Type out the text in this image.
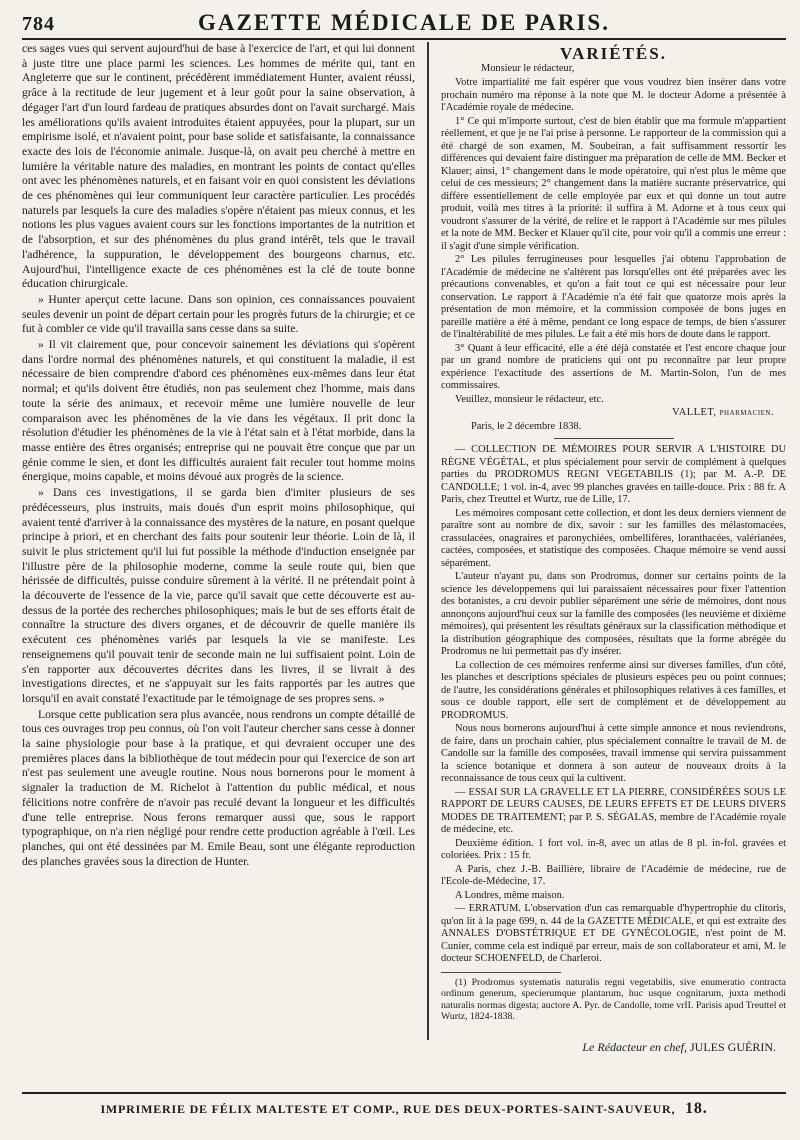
784	GAZETTE MÉDICALE DE PARIS.

ces sages vues qui servent aujourd'hui de base à l'exercice de l'art, et qui lui donnent à juste titre une place parmi les sciences. Les hommes de mérite qui, tant en Angleterre que sur le continent, précédèrent immédiatement Hunter, avaient réussi, grâce à la rectitude de leur jugement et à leur goût pour la saine observation, à dégager l'art d'un lourd fardeau de pratiques absurdes dont on l'avait surchargé. Mais les améliorations qu'ils avaient introduites étaient appuyées, pour la plupart, sur un empirisme isolé, et n'avaient point, pour base solide et satisfaisante, la connaissance exacte des lois de l'économie animale. Jusque-là, on avait peu cherché à mettre en lumière la véritable nature des maladies, en montrant les points de contact qu'elles ont avec les phénomènes naturels, et en faisant voir en quoi consistent les déviations de ces phénomènes qui leur communiquent leur caractère particulier. Les procédés naturels par lesquels la cure des maladies s'opère n'étaient pas mieux connus, et les notions les plus vagues avaient cours sur les fonctions importantes de la nutrition et de l'absorption, et sur des phénomènes du plus grand intérêt, tels que le travail l'adhérence, la suppuration, le développement des bourgeons charnus, etc. Aujourd'hui, l'intelligence exacte de ces phénomènes est la clé de toute bonne éducation chirurgicale.

» Hunter aperçut cette lacune. Dans son opinion, ces connaissances pouvaient seules devenir un point de départ certain pour les progrès futurs de la chirurgie; et ce fut à combler ce vide qu'il travailla sans cesse dans sa suite.

» Il vit clairement que, pour concevoir sainement les déviations qui s'opèrent dans l'ordre normal des phénomènes naturels, et qui constituent la maladie, il est nécessaire de bien comprendre d'abord ces phénomènes eux-mêmes dans leur état normal; et qu'ils doivent être étudiés, non pas seulement chez l'homme, mais dans toute la série des animaux, et recevoir même une lumière nouvelle de leur comparaison avec les phénomènes de la vie dans les végétaux. Il prit donc la résolution d'étudier les phénomènes de la vie à l'état sain et à l'état morbide, dans la masse entière des êtres organisés; entreprise qui ne pouvait être conçue que par un génie comme le sien, et dont les difficultés auraient fait reculer tout homme moins énergique, moins capable, et moins dévoué aux progrès de la science.

» Dans ces investigations, il se garda bien d'imiter plusieurs de ses prédécesseurs, plus instruits, mais doués d'un esprit moins philosophique, qui avaient tenté d'arriver à la connaissance des mystères de la nature, en posant quelque principe à priori, et en cherchant des faits pour soutenir leur théorie. Loin de là, il suivit le plus strictement qu'il lui fut possible la méthode d'induction enseignée par l'illustre père de la philosophie moderne, comme la seule route qui, bien que hérissée de difficultés, puisse conduire sûrement à la vérité. Il ne prétendait point à la découverte de l'essence de la vie, parce qu'il savait que cette découverte est au-dessus de la portée des recherches philosophiques; mais le but de ses efforts était de connaître la structure des divers organes, et de découvrir de quelle manière ils exécutent ces phénomènes variés par lesquels la vie se manifeste. Les renseignemens qu'il pouvait tenir de seconde main ne lui suffisaient point. Loin de s'en rapporter aux découvertes décrites dans les livres, il se livrait à des investigations directes, et ne s'appuyait sur les faits rapportés par les autres que lorsqu'il en avait constaté l'exactitude par le témoignage de ses propres sens. »

Lorsque cette publication sera plus avancée, nous rendrons un compte détaillé de tous ces ouvrages trop peu connus, où l'on voit l'auteur chercher sans cesse à donner la saine physiologie pour base à la pratique, et qui devraient occuper une des premières places dans la bibliothèque de tout médecin pour qui l'exercice de son art n'est pas seulement une aveugle routine. Nous nous bornerons pour le moment à signaler la traduction de M. Richelot à l'attention du public médical, et nous félicitions notre confrère de n'avoir pas reculé devant la longueur et les difficultés d'une telle entreprise. Nous ferons remarquer aussi que, sous le rapport typographique, on n'a rien négligé pour rendre cette production agréable à l'œil. Les planches, qui ont été dessinées par M. Emile Beau, sont une élégante reproduction des planches gravées sous la direction de Hunter.

VARIÉTÉS.

Monsieur le rédacteur,

Votre impartialité me fait espérer que vous voudrez bien insérer dans votre prochain numéro ma réponse à la note que M. le docteur Adorne a présentée à l'Académie royale de médecine.

1° Ce qui m'importe surtout, c'est de bien établir que ma formule m'appartient réellement, et que je ne l'ai prise à personne. Le rapporteur de la commission qui a été chargé de son examen, M. Soubeiran, a fait suffisamment ressortir les différences qui devaient faire distinguer ma préparation de celle de MM. Becker et Klauer; ainsi, 1° changement dans le mode opératoire, qui n'est plus le même que celui de ces messieurs; 2° changement dans la matière sucrante préservatrice, qui diffère essentiellement de celle employée par eux et qui donne un tout autre produit, voilà mes titres à la priorité: il suffira à M. Adorne et à tous ceux qui voudront s'assurer de la vérité, de relire et le rapport à l'Académie sur mes pilules et la note de MM. Becker et Klauer qu'il cite, pour voir qu'il a commis une erreur : il s'agit d'une simple vérification.

2° Les pilules ferrugineuses pour lesquelles j'ai obtenu l'approbation de l'Académie de médecine ne s'altèrent pas lorsqu'elles ont été préparées avec les précautions convenables, et qu'on a fait tout ce qui est nécessaire pour leur conservation. Le rapport à l'Académie n'a été fait que quatorze mois après la présentation de mon mémoire, et la commission composée de bons juges en pareille matière a été à même, pendant ce long espace de temps, de bien s'assurer de l'inaltérabilité de mes pilules. Le fait a été mis hors de doute dans le rapport.

3° Quant à leur efficacité, elle a été déjà constatée et l'est encore chaque jour par un grand nombre de praticiens qui ont pu reconnaître par leur propre expérience l'exactitude des assertions de M. Martin-Solon, l'un de mes commissaires.

Veuillez, monsieur le rédacteur, etc.

VALLET, pharmacien.

Paris, le 2 décembre 1838.

— COLLECTION DE MÉMOIRES POUR SERVIR A L'HISTOIRE DU RÈGNE VÉGÉTAL, et plus spécialement pour servir de complément à quelques parties du PRODROMUS REGNI VEGETABILIS (1); par M. A.-P. DE CANDOLLE; 1 vol. in-4, avec 99 planches gravées en taille-douce. Prix : 88 fr. A Paris, chez Treuttel et Wurtz, rue de Lille, 17.

Les mémoires composant cette collection, et dont les deux derniers viennent de paraître sont au nombre de dix, savoir : sur les familles des mélastomacées, crassulacées, onagraires et paronychiées, ombellifères, loranthacées, valérianées, cactées, composées, et statistique des composées. Chaque mémoire se vend aussi séparément.

L'auteur n'ayant pu, dans son Prodromus, donner sur certains points de la science les développemens qui lui paraissaient nécessaires pour fixer l'attention des botanistes, a cru devoir publier séparément une série de mémoires, dont nous annonçons aujourd'hui ceux sur la famille des composées (les neuvième et dixième mémoires), qui présentent les résultats généraux sur la classification méthodique et la distribution géographique des composées, résultats que la forme abrégée du Prodromus ne lui permettait pas d'y insérer.

La collection de ces mémoires renferme ainsi sur diverses familles, d'un côté, les planches et descriptions spéciales de plusieurs espèces peu ou point connues; de l'autre, les considérations générales et philosophiques relatives à ces familles, et sous ce double rapport, elle sert de complément et de développement au PRODROMUS.

Nous nous bornerons aujourd'hui à cette simple annonce et nous reviendrons, de faire, dans un prochain cahier, plus spécialement connaître le travail de M. de Candolle sur la famille des composées, travail immense qui servira puissamment la science botanique et donnera à son auteur de nouveaux droits à la reconnaissance de tous ceux qui la cultivent.

— ESSAI SUR LA GRAVELLE ET LA PIERRE, CONSIDÉRÉES SOUS LE RAPPORT DE LEURS CAUSES, DE LEURS EFFETS ET DE LEURS DIVERS MODES DE TRAITEMENT; par P. S. SÉGALAS, membre de l'Académie royale de médecine, etc.

Deuxième édition. 1 fort vol. in-8, avec un atlas de 8 pl. in-fol. gravées et coloriées. Prix : 15 fr.

A Paris, chez J.-B. Baillière, libraire de l'Académie de médecine, rue de l'Ecole-de-Médecine, 17.

A Londres, même maison.

— ERRATUM. L'observation d'un cas remarquable d'hypertrophie du clitoris, qu'on lit à la page 699, n. 44 de la GAZETTE MÉDICALE, et qui est extraite des ANNALES D'OBSTÉTRIQUE ET DE GYNÉCOLOGIE, n'est point de M. Cunier, comme cela est indiqué par erreur, mais de son collaborateur et ami, M. le docteur SCHOENFELD, de Charleroi.

(1) Prodromus systematis naturalis regni vegetabilis, sive enumeratio contracta ordinum generum, specierumque plantarum, huc usque cognitarum, juxta methodi naturalis normas digesta; auctore A. Pyr. de Candolle, tome vrII. Parisis apud Treuttel et Wurtz, 1824-1838.

Le Rédacteur en chef, JULES GUÉRIN.

IMPRIMERIE DE FÉLIX MALTESTE ET COMP., RUE DES DEUX-PORTES-SAINT-SAUVEUR, 18.
